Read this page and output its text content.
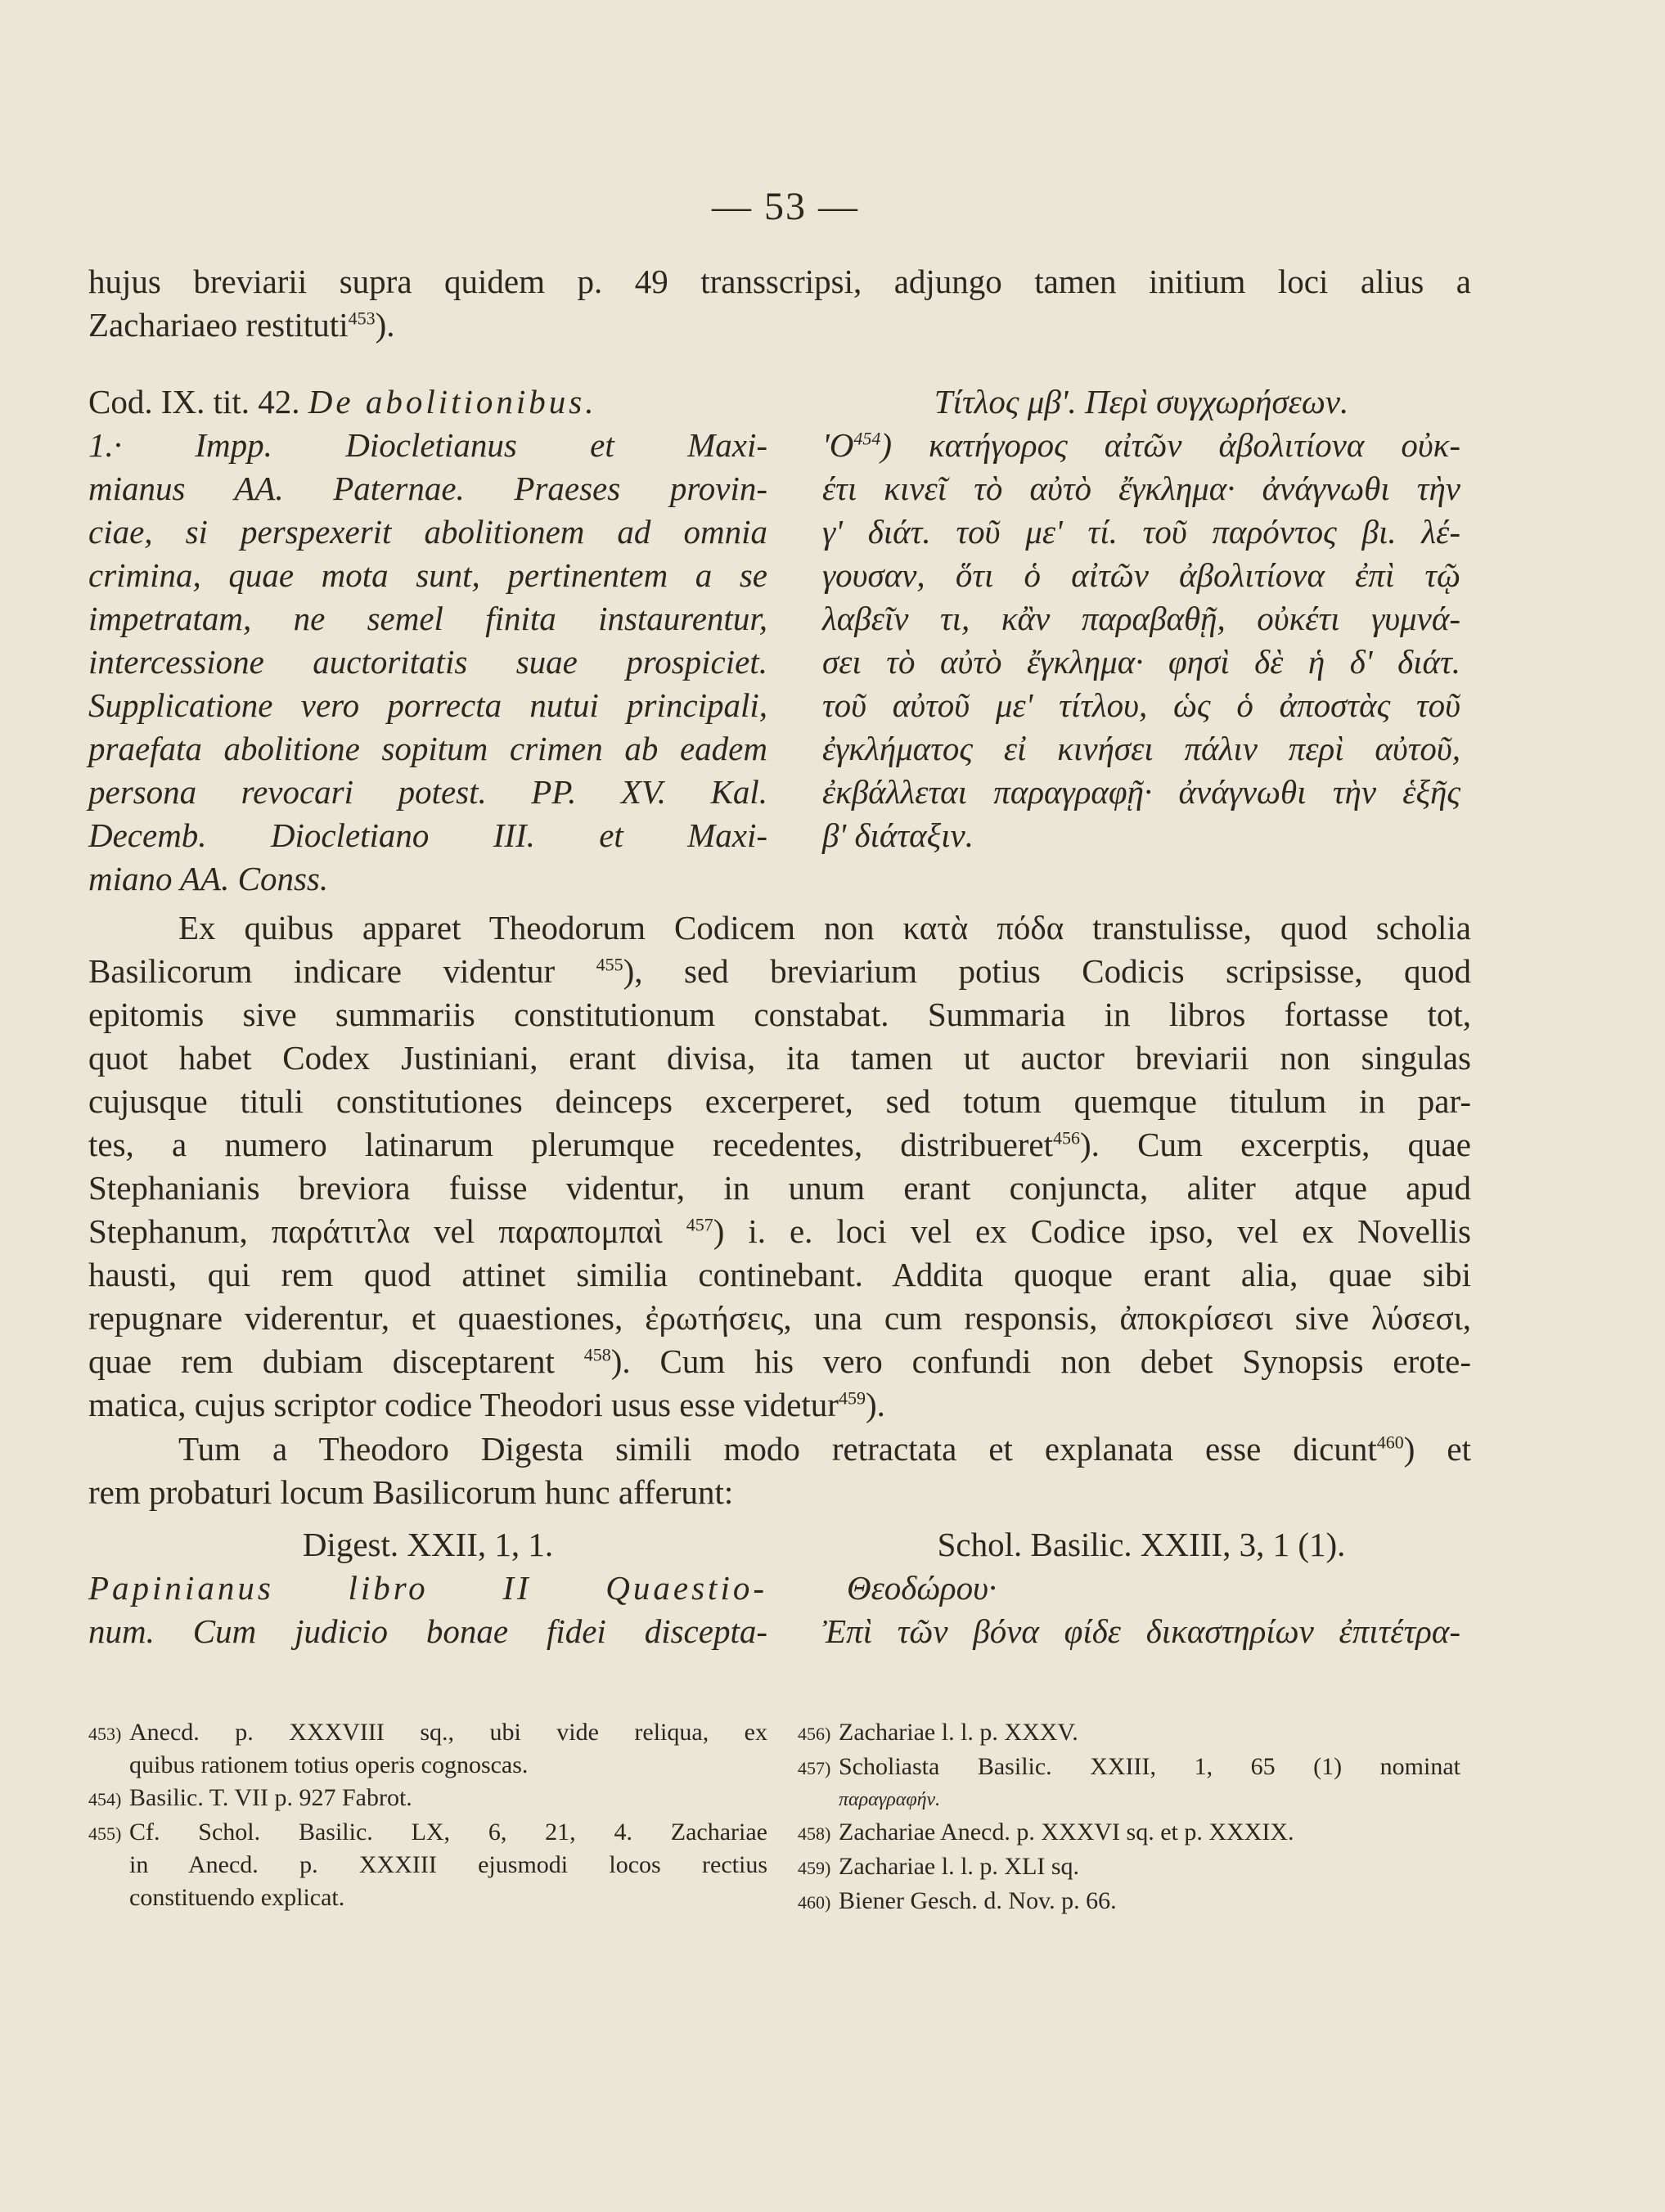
— 53 —
hujus breviarii supra quidem p. 49 transscripsi, adjungo tamen initium loci alius a
Zachariaeo restituti$^{453}$).
Cod. IX. tit. 42. De abolitionibus.
1.· Impp. Diocletianus et Maxi-
mianus AA. Paternae. Praeses provin-
ciae, si perspexerit abolitionem ad omnia
crimina, quae mota sunt, pertinentem a se
impetratam, ne semel finita instaurentur,
intercessione auctoritatis suae prospiciet.
Supplicatione vero porrecta nutui principali,
praefata abolitione sopitum crimen ab eadem
persona revocari potest. PP. XV. Kal.
Decemb. Diocletiano III. et Maxi-
miano AA. Conss.
Τίτλος μβ'. Περὶ συγχωρήσεων.
'$O^{454}$) κατήγορος αἰτῶν ἀβολιτίονα οὐκ-
έτι κινεῖ τὸ αὐτὸ ἔγκλημα· ἀνάγνωθι τὴν
γ' διάτ. τοῦ με' τί. τοῦ παρόντος βι. λέ-
γουσαν, ὅτι ὁ αἰτῶν ἀβολιτίονα ἐπὶ τῷ
λαβεῖν τι, κἂν παραβαθῇ, οὐκέτι γυμνά-
σει τὸ αὐτὸ ἔγκλημα· φησὶ δὲ ἡ δ' διάτ.
τοῦ αὐτοῦ με' τίτλου, ὡς ὁ ἀποστὰς τοῦ
ἐγκλήματος εἰ κινήσει πάλιν περὶ αὐτοῦ,
ἐκβάλλεται παραγραφῇ· ἀνάγνωθι τὴν ἑξῆς
β' διάταξιν.
Ex quibus apparet Theodorum Codicem non κατὰ πόδα transtulisse, quod scholia
Basilicorum indicare videntur $^{455}$), sed breviarium potius Codicis scripsisse, quod
epitomis sive summariis constitutionum constabat. Summaria in libros fortasse tot,
quot habet Codex Justiniani, erant divisa, ita tamen ut auctor breviarii non singulas
cujusque tituli constitutiones deinceps excerperet, sed totum quemque titulum in par-
tes, a numero latinarum plerumque recedentes, distribueret$^{456}$). Cum excerptis, quae
Stephanianis breviora fuisse videntur, in unum erant conjuncta, aliter atque apud
Stephanum, παράτιτλα vel παραπομπαὶ $^{457}$) i. e. loci vel ex Codice ipso, vel ex Novellis
hausti, qui rem quod attinet similia continebant. Addita quoque erant alia, quae sibi
repugnare viderentur, et quaestiones, ἐρωτήσεις, una cum responsis, ἀποκρίσεσι sive λύσεσι,
quae rem dubiam disceptarent $^{458}$). Cum his vero confundi non debet Synopsis erote-
matica, cujus scriptor codice Theodori usus esse videtur$^{459}$).
Tum a Theodoro Digesta simili modo retractata et explanata esse dicunt$^{460}$) et
rem probaturi locum Basilicorum hunc afferunt:
Digest. XXII, 1, 1.
Papinianus libro II Quaestio-
num. Cum judicio bonae fidei discepta-
Schol. Basilic. XXIII, 3, 1 (1).
Θεοδώρου·
Ἐπὶ τῶν βόνα φίδε δικαστηρίων ἐπιτέτρα-
453) Anecd. p. XXXVIII sq., ubi vide reliqua, ex
quibus rationem totius operis cognoscas.
454) Basilic. T. VII p. 927 Fabrot.
455) Cf. Schol. Basilic. LX, 6, 21, 4. Zachariae
in Anecd. p. XXXIII ejusmodi locos rectius
constituendo explicat.
456) Zachariae l. l. p. XXXV.
457) Scholiasta Basilic. XXIII, 1, 65 (1) nominat
παραγραφήν.
458) Zachariae Anecd. p. XXXVI sq. et p. XXXIX.
459) Zachariae l. l. p. XLI sq.
460) Biener Gesch. d. Nov. p. 66.
